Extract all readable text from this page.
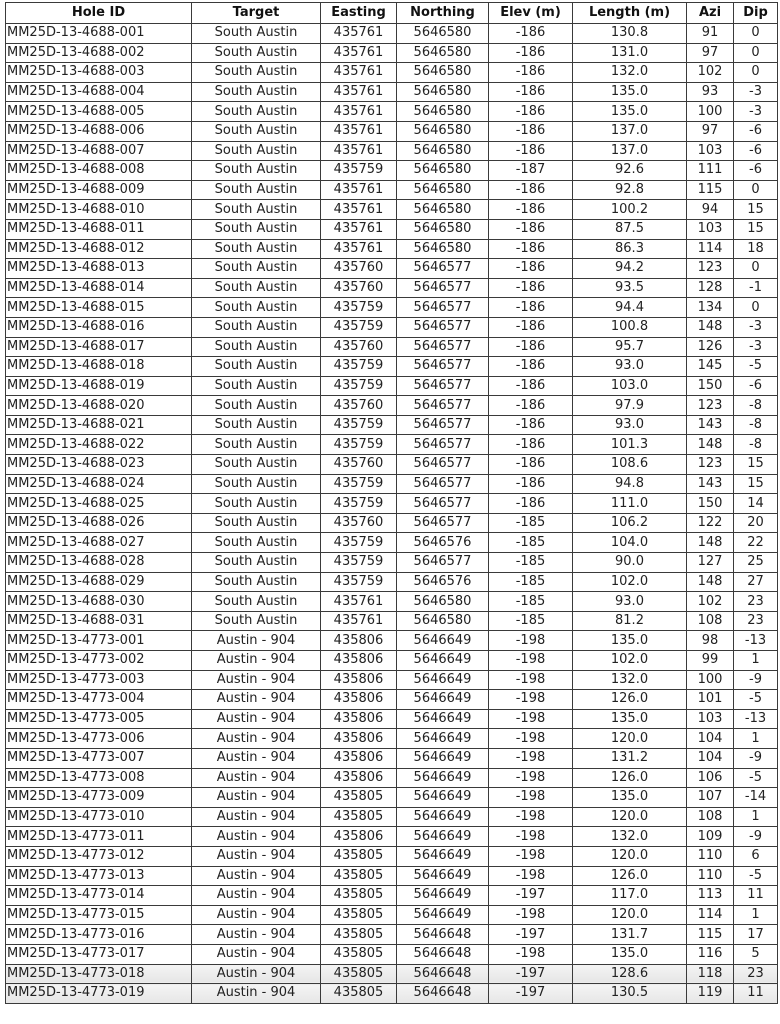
Hole ID	Target	Easting	Northing	Elev (m)	Length (m)	Azi	Dip
MM25D-13-4688-001	South Austin	435761	5646580	-186	130.8	91	0
MM25D-13-4688-002	South Austin	435761	5646580	-186	131.0	97	0
MM25D-13-4688-003	South Austin	435761	5646580	-186	132.0	102	0
MM25D-13-4688-004	South Austin	435761	5646580	-186	135.0	93	-3
MM25D-13-4688-005	South Austin	435761	5646580	-186	135.0	100	-3
MM25D-13-4688-006	South Austin	435761	5646580	-186	137.0	97	-6
MM25D-13-4688-007	South Austin	435761	5646580	-186	137.0	103	-6
MM25D-13-4688-008	South Austin	435759	5646580	-187	92.6	111	-6
MM25D-13-4688-009	South Austin	435761	5646580	-186	92.8	115	0
MM25D-13-4688-010	South Austin	435761	5646580	-186	100.2	94	15
MM25D-13-4688-011	South Austin	435761	5646580	-186	87.5	103	15
MM25D-13-4688-012	South Austin	435761	5646580	-186	86.3	114	18
MM25D-13-4688-013	South Austin	435760	5646577	-186	94.2	123	0
MM25D-13-4688-014	South Austin	435760	5646577	-186	93.5	128	-1
MM25D-13-4688-015	South Austin	435759	5646577	-186	94.4	134	0
MM25D-13-4688-016	South Austin	435759	5646577	-186	100.8	148	-3
MM25D-13-4688-017	South Austin	435760	5646577	-186	95.7	126	-3
MM25D-13-4688-018	South Austin	435759	5646577	-186	93.0	145	-5
MM25D-13-4688-019	South Austin	435759	5646577	-186	103.0	150	-6
MM25D-13-4688-020	South Austin	435760	5646577	-186	97.9	123	-8
MM25D-13-4688-021	South Austin	435759	5646577	-186	93.0	143	-8
MM25D-13-4688-022	South Austin	435759	5646577	-186	101.3	148	-8
MM25D-13-4688-023	South Austin	435760	5646577	-186	108.6	123	15
MM25D-13-4688-024	South Austin	435759	5646577	-186	94.8	143	15
MM25D-13-4688-025	South Austin	435759	5646577	-186	111.0	150	14
MM25D-13-4688-026	South Austin	435760	5646577	-185	106.2	122	20
MM25D-13-4688-027	South Austin	435759	5646576	-185	104.0	148	22
MM25D-13-4688-028	South Austin	435759	5646577	-185	90.0	127	25
MM25D-13-4688-029	South Austin	435759	5646576	-185	102.0	148	27
MM25D-13-4688-030	South Austin	435761	5646580	-185	93.0	102	23
MM25D-13-4688-031	South Austin	435761	5646580	-185	81.2	108	23
MM25D-13-4773-001	Austin - 904	435806	5646649	-198	135.0	98	-13
MM25D-13-4773-002	Austin - 904	435806	5646649	-198	102.0	99	1
MM25D-13-4773-003	Austin - 904	435806	5646649	-198	132.0	100	-9
MM25D-13-4773-004	Austin - 904	435806	5646649	-198	126.0	101	-5
MM25D-13-4773-005	Austin - 904	435806	5646649	-198	135.0	103	-13
MM25D-13-4773-006	Austin - 904	435806	5646649	-198	120.0	104	1
MM25D-13-4773-007	Austin - 904	435806	5646649	-198	131.2	104	-9
MM25D-13-4773-008	Austin - 904	435806	5646649	-198	126.0	106	-5
MM25D-13-4773-009	Austin - 904	435805	5646649	-198	135.0	107	-14
MM25D-13-4773-010	Austin - 904	435805	5646649	-198	120.0	108	1
MM25D-13-4773-011	Austin - 904	435806	5646649	-198	132.0	109	-9
MM25D-13-4773-012	Austin - 904	435805	5646649	-198	120.0	110	6
MM25D-13-4773-013	Austin - 904	435805	5646649	-198	126.0	110	-5
MM25D-13-4773-014	Austin - 904	435805	5646649	-197	117.0	113	11
MM25D-13-4773-015	Austin - 904	435805	5646649	-198	120.0	114	1
MM25D-13-4773-016	Austin - 904	435805	5646648	-197	131.7	115	17
MM25D-13-4773-017	Austin - 904	435805	5646648	-198	135.0	116	5
MM25D-13-4773-018	Austin - 904	435805	5646648	-197	128.6	118	23
MM25D-13-4773-019	Austin - 904	435805	5646648	-197	130.5	119	11
